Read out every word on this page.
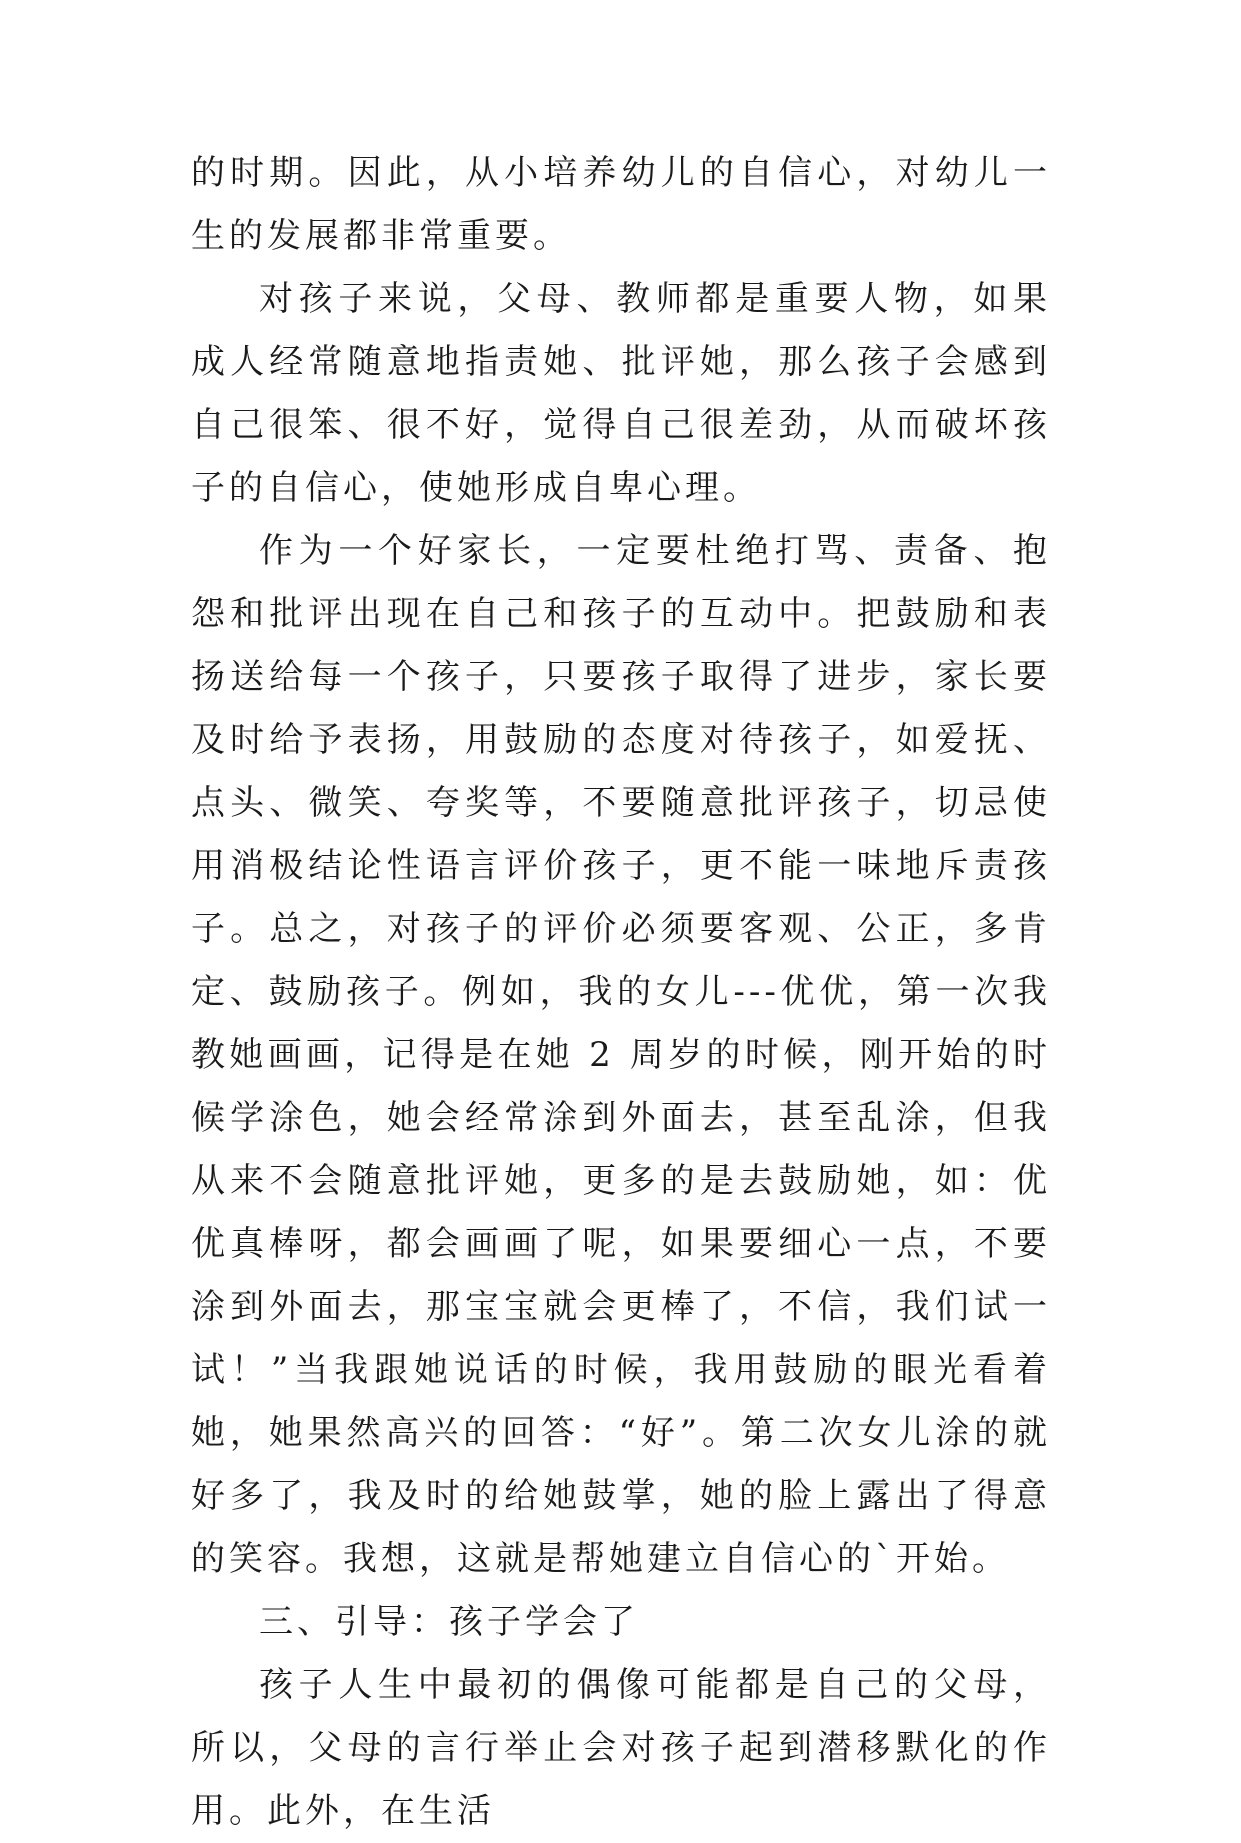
的时期。因此，从小培养幼儿的自信心，对幼儿一生的发展都非常重要。

对孩子来说，父母、教师都是重要人物，如果成人经常随意地指责她、批评她，那么孩子会感到自己很笨、很不好，觉得自己很差劲，从而破坏孩子的自信心，使她形成自卑心理。

作为一个好家长，一定要杜绝打骂、责备、抱怨和批评出现在自己和孩子的互动中。把鼓励和表扬送给每一个孩子，只要孩子取得了进步，家长要及时给予表扬，用鼓励的态度对待孩子，如爱抚、点头、微笑、夸奖等，不要随意批评孩子，切忌使用消极结论性语言评价孩子，更不能一味地斥责孩子。总之，对孩子的评价必须要客观、公正，多肯定、鼓励孩子。例如，我的女儿---优优，第一次我教她画画，记得是在她 2 周岁的时候，刚开始的时候学涂色，她会经常涂到外面去，甚至乱涂，但我从来不会随意批评她，更多的是去鼓励她，如：优优真棒呀，都会画画了呢，如果要细心一点，不要涂到外面去，那宝宝就会更棒了，不信，我们试一试！”当我跟她说话的时候，我用鼓励的眼光看着她，她果然高兴的回答：“好”。第二次女儿涂的就好多了，我及时的给她鼓掌，她的脸上露出了得意的笑容。我想，这就是帮她建立自信心的`开始。

三、引导：孩子学会了

孩子人生中最初的偶像可能都是自己的父母，所以，父母的言行举止会对孩子起到潜移默化的作用。此外，在生活
